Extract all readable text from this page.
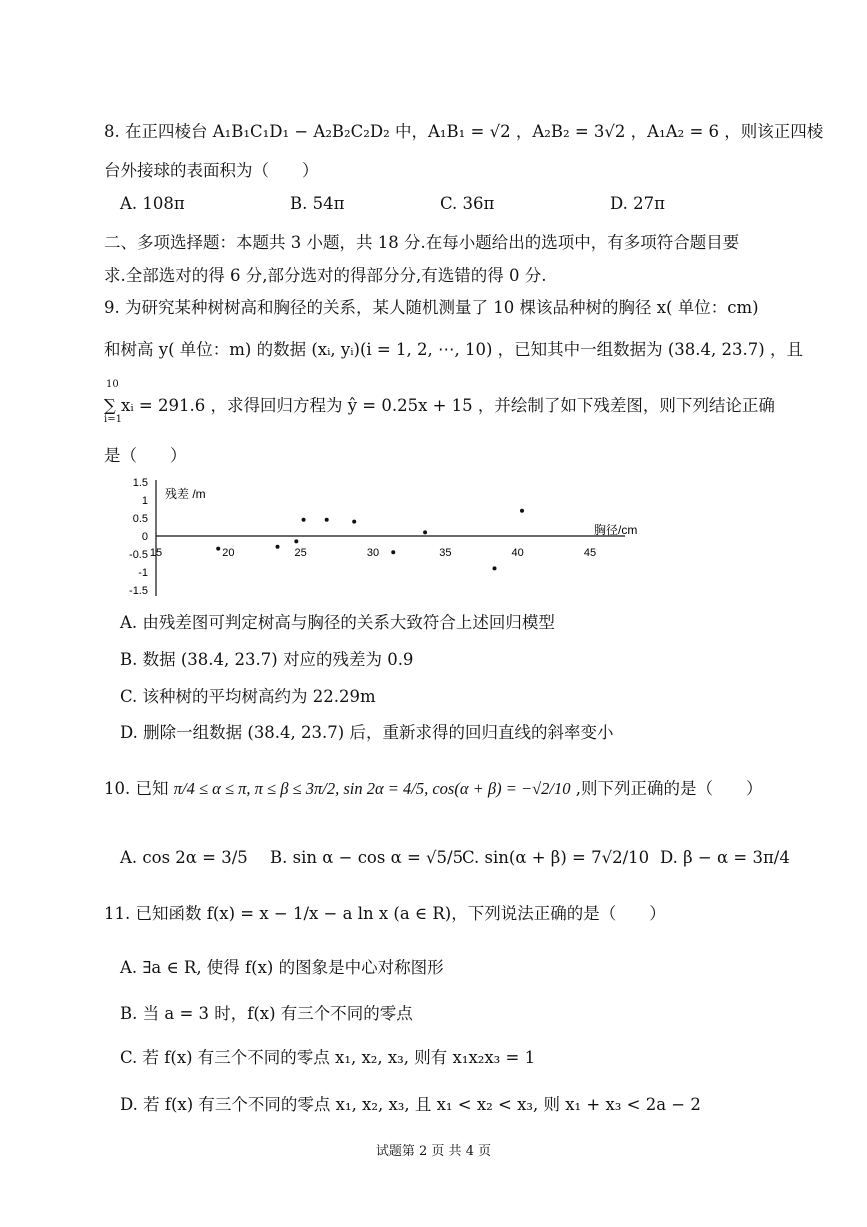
8. 在正四棱台 A₁B₁C₁D₁ − A₂B₂C₂D₂ 中，A₁B₁ = √2 ，A₂B₂ = 3√2 ，A₁A₂ = 6 ，则该正四棱
台外接球的表面积为（　　）
A. 108π	B. 54π	C. 36π	D. 27π
二、多项选择题：本题共 3 小题，共 18 分.在每小题给出的选项中，有多项符合题目要
求.全部选对的得 6 分,部分选对的得部分分,有选错的得 0 分.
9. 为研究某种树树高和胸径的关系，某人随机测量了 10 棵该品种树的胸径 x( 单位：cm)
和树高 y( 单位：m) 的数据 (xᵢ, yᵢ)(i = 1, 2, ⋯, 10) ，已知其中一组数据为 (38.4, 23.7) ，且
10
∑ xᵢ = 291.6 ，求得回归方程为 ŷ = 0.25x + 15 ，并绘制了如下残差图，则下列结论正确
i=1
是（　　）
1.5
1
0.5
0
-0.5
-1
-1.5
15	20	25	30	35	40	45
残差 /m
胸径/cm
A. 由残差图可判定树高与胸径的关系大致符合上述回归模型
B. 数据 (38.4, 23.7) 对应的残差为 0.9
C. 该种树的平均树高约为 22.29m
D. 删除一组数据 (38.4, 23.7) 后，重新求得的回归直线的斜率变小
10. 已知 π/4 ≤ α ≤ π, π ≤ β ≤ 3π/2, sin 2α = 4/5, cos(α + β) = −√2/10 ,则下列正确的是（　　）
A. cos 2α = 3/5 B. sin α − cos α = √5/5
C. sin(α + β) = 7√2/10 D. β − α = 3π/4
11. 已知函数 f(x) = x − 1/x − a ln x (a ∈ R)，下列说法正确的是（　　）
A. ∃a ∈ R, 使得 f(x) 的图象是中心对称图形
B. 当 a = 3 时，f(x) 有三个不同的零点
C. 若 f(x) 有三个不同的零点 x₁, x₂, x₃, 则有 x₁x₂x₃ = 1
D. 若 f(x) 有三个不同的零点 x₁, x₂, x₃, 且 x₁ < x₂ < x₃, 则 x₁ + x₃ < 2a − 2
试题第 2 页 共 4 页
